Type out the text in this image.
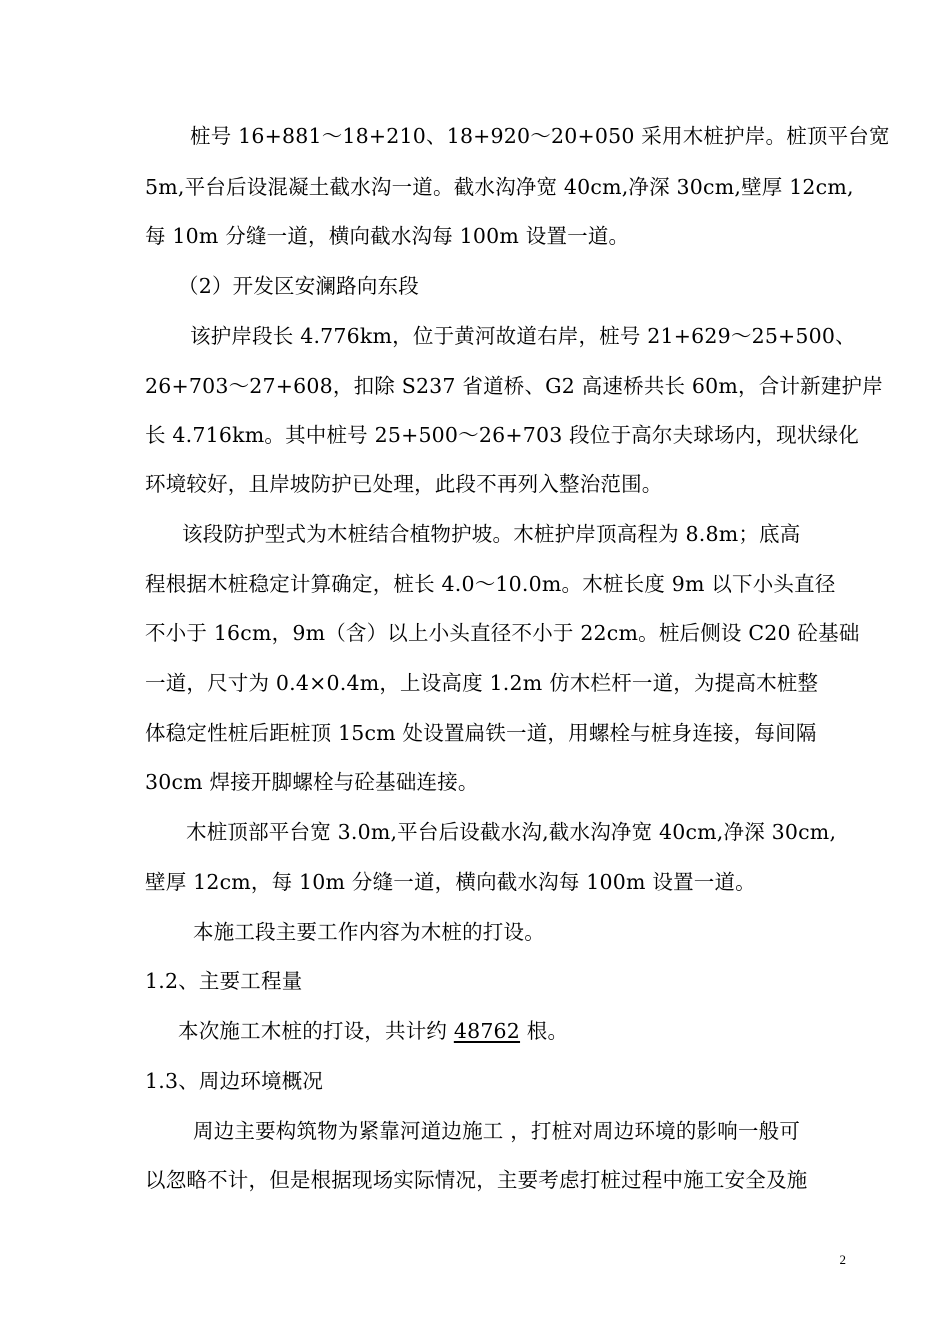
桩号 16+881～18+210、18+920～20+050 采用木桩护岸。桩顶平台宽
5m,平台后设混凝土截水沟一道。截水沟净宽 40cm,净深 30cm,壁厚 12cm,
每 10m 分缝一道，横向截水沟每 100m 设置一道。
（2）开发区安澜路向东段
该护岸段长 4.776km，位于黄河故道右岸，桩号 21+629～25+500、
26+703～27+608，扣除 S237 省道桥、G2 高速桥共长 60m，合计新建护岸
长 4.716km。其中桩号 25+500～26+703 段位于高尔夫球场内，现状绿化
环境较好，且岸坡防护已处理，此段不再列入整治范围。
该段防护型式为木桩结合植物护坡。木桩护岸顶高程为 8.8m；底高
程根据木桩稳定计算确定，桩长 4.0～10.0m。木桩长度 9m 以下小头直径
不小于 16cm，9m（含）以上小头直径不小于 22cm。桩后侧设 C20 砼基础
一道，尺寸为 0.4×0.4m，上设高度 1.2m 仿木栏杆一道，为提高木桩整
体稳定性桩后距桩顶 15cm 处设置扁铁一道，用螺栓与桩身连接，每间隔
30cm 焊接开脚螺栓与砼基础连接。
木桩顶部平台宽 3.0m,平台后设截水沟,截水沟净宽 40cm,净深 30cm,
壁厚 12cm，每 10m 分缝一道，横向截水沟每 100m 设置一道。
本施工段主要工作内容为木桩的打设。
1.2、主要工程量
本次施工木桩的打设，共计约 48762 根。
1.3、周边环境概况
周边主要构筑物为紧靠河道边施工 ，打桩对周边环境的影响一般可
以忽略不计，但是根据现场实际情况，主要考虑打桩过程中施工安全及施
2
